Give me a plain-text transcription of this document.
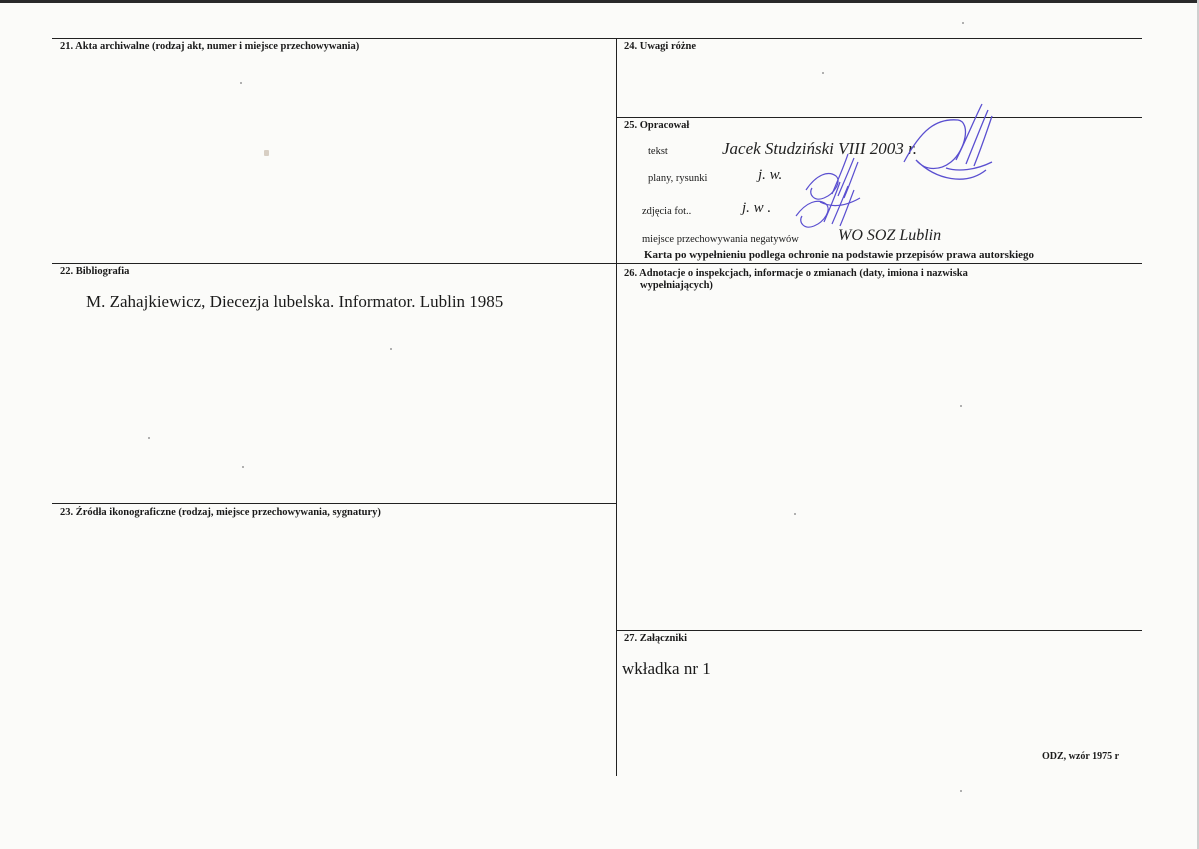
21. Akta archiwalne (rodzaj akt, numer i miejsce przechowywania)	24. Uwagi różne
25. Opracował
tekst	Jacek Studziński VIII 2003 r.
plany, rysunki	j. w.
zdjęcia fot..	j. w .
miejsce przechowywania negatywów WO SOZ Lublin
Karta po wypełnieniu podlega ochronie na podstawie przepisów prawa autorskiego
22. Bibliografia
M. Zahajkiewicz, Diecezja lubelska. Informator. Lublin 1985
26. Adnotacje o inspekcjach, informacje o zmianach (daty, imiona i nazwiska
wypełniających)
23. Źródła ikonograficzne (rodzaj, miejsce przechowywania, sygnatury)
27. Załączniki
wkładka nr 1
ODZ, wzór 1975 r
